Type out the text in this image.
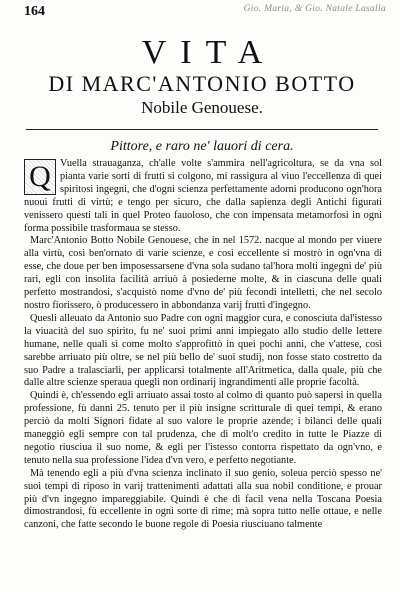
164	Gio. Maria, & Gio. Natale Lasalla
VITA
DI MARC'ANTONIO BOTTO
Nobile Genouese.
Pittore, e raro ne' lauori di cera.

Q Vuella strauaganza, ch'alle volte s'ammira nell'agricoltura, se da vna sol pianta varie sorti di frutti si colgono, mi rassigura al viuo l'eccellenza di quei spiritosi ingegni, che d'ogni scienza perfettamente adorni producono ogn'hora nuoui frutti di virtù; e tengo per sicuro, che dalla sapienza degli Antichi figurati venissero questi tali in quel Proteo fauoloso, che con impensata metamorfosi in ogni forma possibile trasformaua se stesso.

Marc'Antonio Botto Nobile Genouese, che in nel 1572. nacque al mondo per viuere alla virtù, così ben'ornato di varie scienze, e così eccellente si mostrò in ogn'vna di esse, che doue per ben imposessarsene d'vna sola sudano tal'hora molti ingegni de' più rari, egli con insolita facilità arriuò à posiederne molte, & in ciascuna delle quali perfetto mostrandosi, s'acquistò nome d'vno de' più fecondi intelletti, che nel secolo nostro fiorissero, ò producessero in abbondanza varij frutti d'ingegno.

Quesli alleuato da Antonio suo Padre con ogni maggior cura, e conosciuta dal'istesso la viuacità del suo spirito, fu ne' suoi primi anni impiegato allo studio delle lettere humane, nelle quali sì come molto s'approfittò in quei pochi anni, che v'attese, così sarebbe arriuato più oltre, se nel più bello de' suoi studij, non fosse stato costretto da suo Padre a tralasciarli, per applicarsi totalmente all'Aritmetica, dalla quale, più che dalle altre scienze speraua quegli non ordinarij ingrandimenti alle proprie facoltà.

Quindi è, ch'essendo egli arriuato assai tosto al colmo di quanto può sapersi in quella professione, fù danni 25. tenuto per il più insigne scritturale di quei tempi, & erano perciò da molti Signori fidate al suo valore le proprie azende; i bilanci delle quali maneggiò egli sempre con tal prudenza, che di molt'o credito in tutte le Piazze di negotio riusciua il suo nome, & egli per l'istesso contorra rispettato da ogn'vno, e tenuto nella sua professione l'idea d'vn vero, e perfetto negotiante.

Mà tenendo egli a più d'vna scienza inclinato il suo genio, soleua perciò spesso ne' suoi tempi di riposo in varij trattenimenti adattati alla sua nobil conditione, e prouar più d'vn ingegno impareggiabile. Quindi è che di facil vena nella Toscana Poesia dimostrandosi, fù eccellente in ogni sorte di rime; mà sopra tutto nelle ottaue, e nelle canzoni, che fatte secondo le buone regole di Poesia riusciuano talmente
